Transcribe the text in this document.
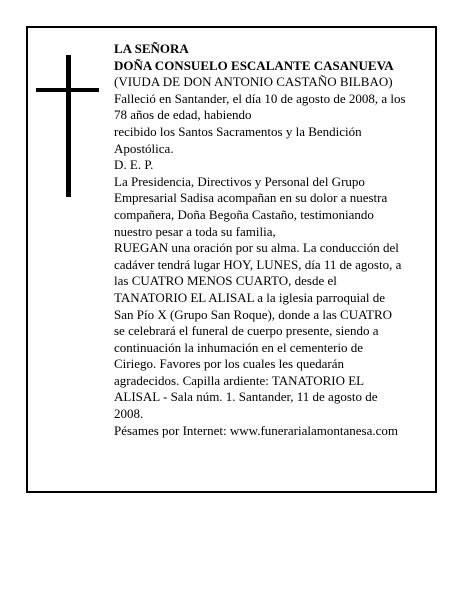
LA SEÑORA
DOÑA CONSUELO ESCALANTE CASANUEVA
(VIUDA DE DON ANTONIO CASTAÑO BILBAO)
Falleció en Santander, el día 10 de agosto de 2008, a los
78 años de edad, habiendo
recibido los Santos Sacramentos y la Bendición
Apostólica.
D. E. P.
La Presidencia, Directivos y Personal del Grupo
Empresarial Sadisa acompañan en su dolor a nuestra
compañera, Doña Begoña Castaño, testimoniando
nuestro pesar a toda su familia,
RUEGAN una oración por su alma. La conducción del
cadáver tendrá lugar HOY, LUNES, día 11 de agosto, a
las CUATRO MENOS CUARTO, desde el
TANATORIO EL ALISAL a la iglesia parroquial de
San Pío X (Grupo San Roque), donde a las CUATRO
se celebrará el funeral de cuerpo presente, siendo a
continuación la inhumación en el cementerio de
Ciriego. Favores por los cuales les quedarán
agradecidos. Capilla ardiente: TANATORIO EL
ALISAL - Sala núm. 1. Santander, 11 de agosto de
2008.
Pésames por Internet: www.funerarialamontanesa.com
